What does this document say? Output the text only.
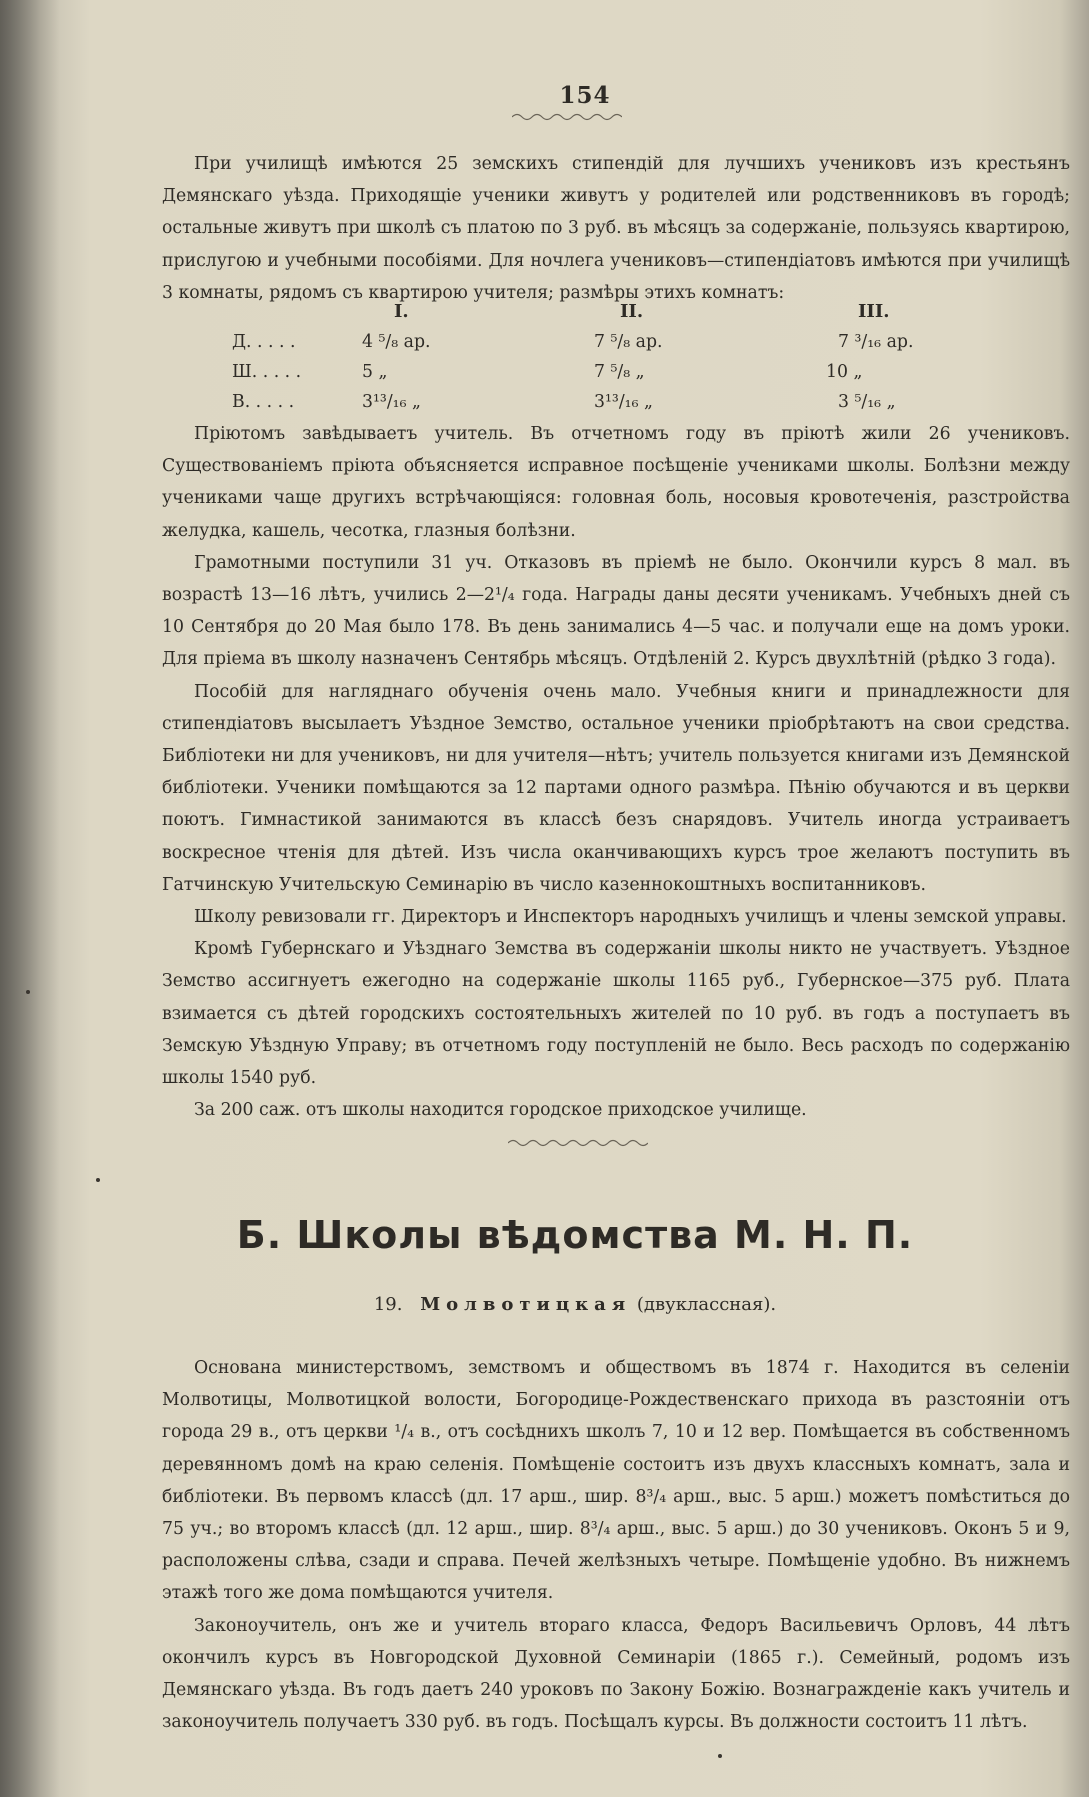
154

При училищѣ имѣются 25 земскихъ стипендій для лучшихъ учениковъ изъ крестьянъ Демянскаго уѣзда. Приходящіе ученики живутъ у родителей или родственниковъ въ городѣ; остальные живутъ при школѣ съ платою по 3 руб. въ мѣсяцъ за содержаніе, пользуясь квартирою, прислугою и учебными пособіями. Для ночлега учениковъ—стипендіатовъ имѣются при училищѣ 3 комнаты, рядомъ съ квартирою учителя; размѣры этихъ комнатъ:

I.	II.	III.
Д. . . . .	4 ⁵/₈ ар.	7 ⁵/₈ ар.	7 ³/₁₆ ар.
Ш. . . . .	5 „	7 ⁵/₈ „	10 „
В. . . . .	3¹³/₁₆ „	3¹³/₁₆ „	3 ⁵/₁₆ „

Пріютомъ завѣдываетъ учитель. Въ отчетномъ году въ пріютѣ жили 26 учениковъ. Существованіемъ пріюта объясняется исправное посѣщеніе учениками школы. Болѣзни между учениками чаще другихъ встрѣчающіяся: головная боль, носовыя кровотеченія, разстройства желудка, кашель, чесотка, глазныя болѣзни.

Грамотными поступили 31 уч. Отказовъ въ пріемѣ не было. Окончили курсъ 8 мал. въ возрастѣ 13—16 лѣтъ, учились 2—2¹/₄ года. Награды даны десяти ученикамъ. Учебныхъ дней съ 10 Сентября до 20 Мая было 178. Въ день занимались 4—5 час. и получали еще на домъ уроки. Для пріема въ школу назначенъ Сентябрь мѣсяцъ. Отдѣленій 2. Курсъ двухлѣтній (рѣдко 3 года).

Пособій для нагляднаго обученія очень мало. Учебныя книги и принадлежности для стипендіатовъ высылаетъ Уѣздное Земство, остальное ученики пріобрѣтаютъ на свои средства. Библіотеки ни для учениковъ, ни для учителя—нѣтъ; учитель пользуется книгами изъ Демянской библіотеки. Ученики помѣщаются за 12 партами одного размѣра. Пѣнію обучаются и въ церкви поютъ. Гимнастикой занимаются въ классѣ безъ снарядовъ. Учитель иногда устраиваетъ воскресное чтенія для дѣтей. Изъ числа оканчивающихъ курсъ трое желаютъ поступить въ Гатчинскую Учительскую Семинарію въ число казеннокоштныхъ воспитанниковъ.

Школу ревизовали гг. Директоръ и Инспекторъ народныхъ училищъ и члены земской управы.

Кромѣ Губернскаго и Уѣзднаго Земства въ содержаніи школы никто не участвуетъ. Уѣздное Земство ассигнуетъ ежегодно на содержаніе школы 1165 руб., Губернское—375 руб. Плата взимается съ дѣтей городскихъ состоятельныхъ жителей по 10 руб. въ годъ а поступаетъ въ Земскую Уѣздную Управу; въ отчетномъ году поступленій не было. Весь расходъ по содержанію школы 1540 руб.

За 200 саж. отъ школы находится городское приходское училище.

Б. Школы вѣдомства М. Н. П.
19. Молвотицкая (двуклассная).

Основана министерствомъ, земствомъ и обществомъ въ 1874 г. Находится въ селеніи Молвотицы, Молвотицкой волости, Богородице-Рождественскаго прихода въ разстояніи отъ города 29 в., отъ церкви ¹/₄ в., отъ сосѣднихъ школъ 7, 10 и 12 вер. Помѣщается въ собственномъ деревянномъ домѣ на краю селенія. Помѣщеніе состоитъ изъ двухъ классныхъ комнатъ, зала и библіотеки. Въ первомъ классѣ (дл. 17 арш., шир. 8³/₄ арш., выс. 5 арш.) можетъ помѣститься до 75 уч.; во второмъ классѣ (дл. 12 арш., шир. 8³/₄ арш., выс. 5 арш.) до 30 учениковъ. Оконъ 5 и 9, расположены слѣва, сзади и справа. Печей желѣзныхъ четыре. Помѣщеніе удобно. Въ нижнемъ этажѣ того же дома помѣщаются учителя.

Законоучитель, онъ же и учитель втораго класса, Федоръ Васильевичъ Орловъ, 44 лѣтъ окончилъ курсъ въ Новгородской Духовной Семинаріи (1865 г.). Семейный, родомъ изъ Демянскаго уѣзда. Въ годъ даетъ 240 уроковъ по Закону Божію. Вознагражденіе какъ учитель и законоучитель получаетъ 330 руб. въ годъ. Посѣщалъ курсы. Въ должности состоитъ 11 лѣтъ.
